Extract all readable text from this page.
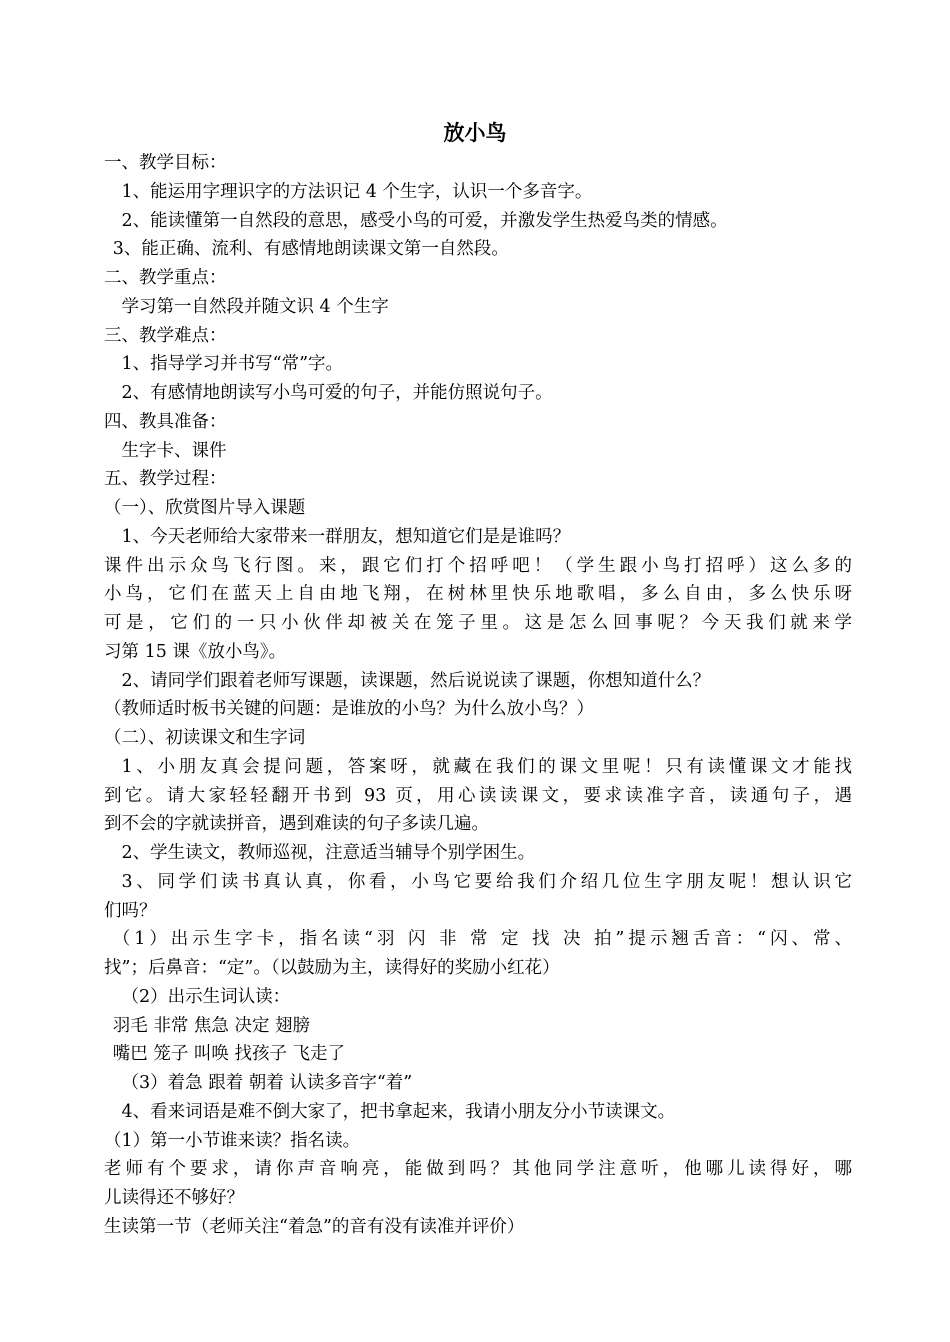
放小鸟
一、教学目标：
1、能运用字理识字的方法识记 4 个生字，认识一个多音字。
2、能读懂第一自然段的意思，感受小鸟的可爱，并激发学生热爱鸟类的情感。
3、能正确、流利、有感情地朗读课文第一自然段。
二、教学重点：
学习第一自然段并随文识 4 个生字
三、教学难点：
1、指导学习并书写“常”字。
2、有感情地朗读写小鸟可爱的句子，并能仿照说句子。
四、教具准备：
生字卡、课件
五、教学过程：
（一）、欣赏图片导入课题
1、今天老师给大家带来一群朋友，想知道它们是是谁吗？
课件出示众鸟飞行图。来，跟它们打个招呼吧！（学生跟小鸟打招呼）这么多的
小鸟，它们在蓝天上自由地飞翔，在树林里快乐地歌唱，多么自由，多么快乐呀
可是，它们的一只小伙伴却被关在笼子里。这是怎么回事呢？今天我们就来学
习第 15 课《放小鸟》。
2、请同学们跟着老师写课题，读课题，然后说说读了课题，你想知道什么？
（教师适时板书关键的问题：是谁放的小鸟？为什么放小鸟？）
（二）、初读课文和生字词
1、小朋友真会提问题，答案呀，就藏在我们的课文里呢！只有读懂课文才能找
到它。请大家轻轻翻开书到 93 页，用心读读课文，要求读准字音，读通句子，遇
到不会的字就读拼音，遇到难读的句子多读几遍。
2、学生读文，教师巡视，注意适当辅导个别学困生。
3、同学们读书真认真，你看，小鸟它要给我们介绍几位生字朋友呢！想认识它
们吗？
（1）出示生字卡，指名读“羽 闪 非 常 定 找 决 拍”提示翘舌音：“闪、常、
找”；后鼻音：“定”。（以鼓励为主，读得好的奖励小红花）
（2）出示生词认读：
羽毛 非常 焦急 决定 翅膀
嘴巴 笼子 叫唤 找孩子 飞走了
（3）着急 跟着 朝着 认读多音字“着”
4、看来词语是难不倒大家了，把书拿起来，我请小朋友分小节读课文。
（1）第一小节谁来读？指名读。
老师有个要求，请你声音响亮，能做到吗？其他同学注意听，他哪儿读得好，哪
儿读得还不够好？
生读第一节（老师关注“着急”的音有没有读准并评价）
